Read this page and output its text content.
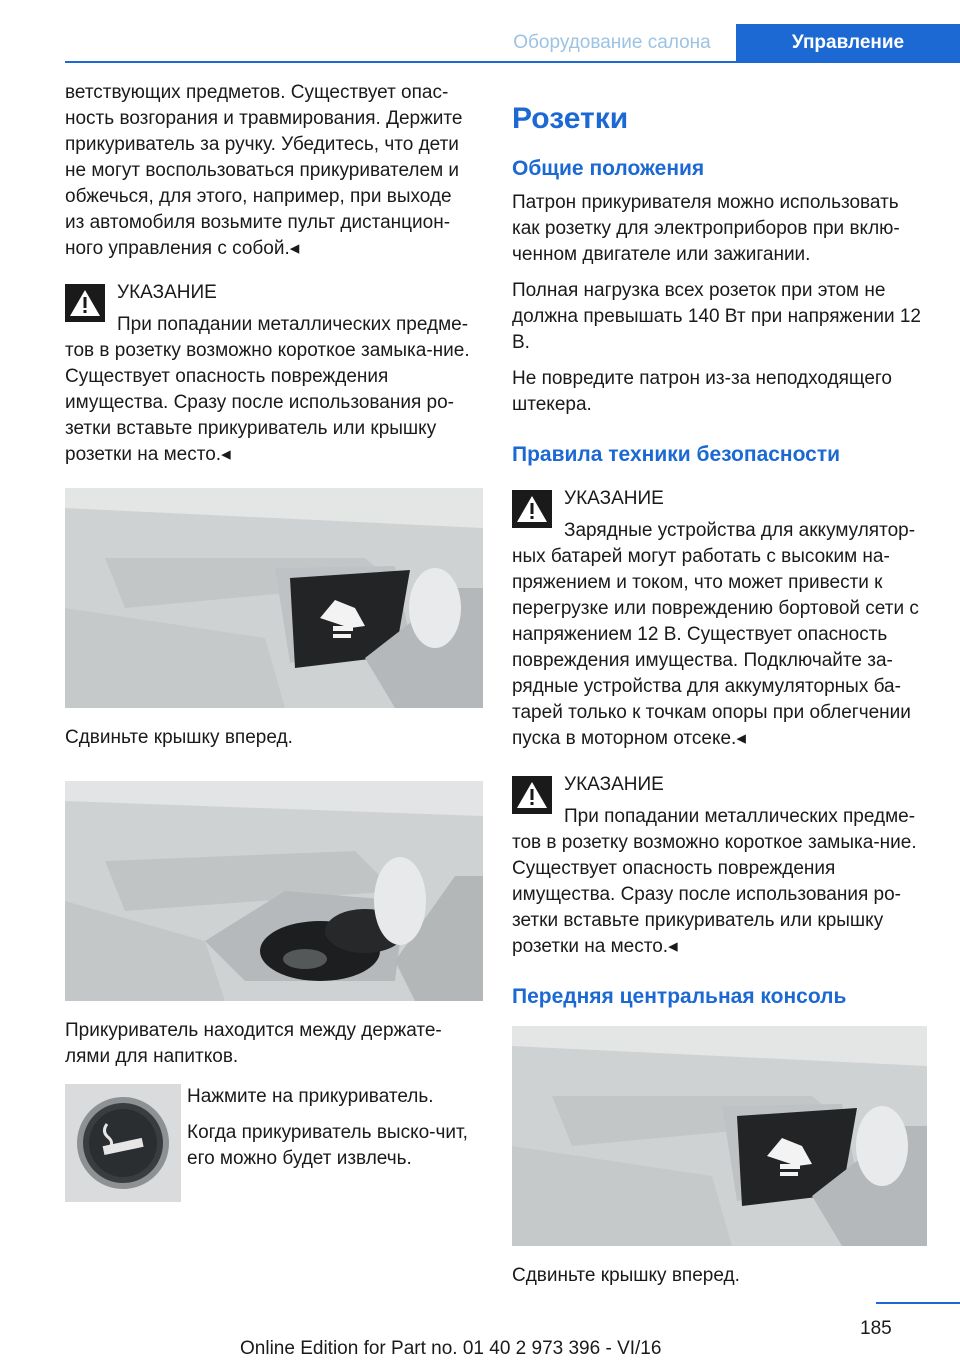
Оборудование салона	Управление

ветствующих предметов. Существует опас-
ность возгорания и травмирования. Держите
прикуриватель за ручку. Убедитесь, что дети
не могут воспользоваться прикуривателем и
обжечься, для этого, например, при выходе
из автомобиля возьмите пульт дистанцион-
ного управления с собой.◂

УКАЗАНИЕ
При попадании металлических предме-тов в розетку возможно короткое замыка-ние. Существует опасность повреждения имущества. Сразу после использования ро-зетки вставьте прикуриватель или крышку розетки на место.◂
Сдвиньте крышку вперед.
Прикуриватель находится между держате-лями для напитков.

Нажмите на прикуриватель.

Когда прикуриватель выско-чит, его можно будет извлечь.

Розетки
Общие положения

Патрон прикуривателя можно использовать как розетку для электроприборов при вклю-ченном двигателе или зажигании.

Полная нагрузка всех розеток при этом не должна превышать 140 Вт при напряжении 12 В.

Не повредите патрон из-за неподходящего штекера.

Правила техники безопасности
УКАЗАНИЕ
Зарядные устройства для аккумулятор-ных батарей могут работать с высоким на-пряжением и током, что может привести к перегрузке или повреждению бортовой сети с напряжением 12 В. Существует опасность повреждения имущества. Подключайте за-рядные устройства для аккумуляторных ба-тарей только к точкам опоры при облегчении пуска в моторном отсеке.◂
УКАЗАНИЕ
При попадании металлических предме-тов в розетку возможно короткое замыка-ние. Существует опасность повреждения имущества. Сразу после использования ро-зетки вставьте прикуриватель или крышку розетки на место.◂
Передняя центральная консоль
Сдвиньте крышку вперед.
185
Online Edition for Part no. 01 40 2 973 396 - VI/16
